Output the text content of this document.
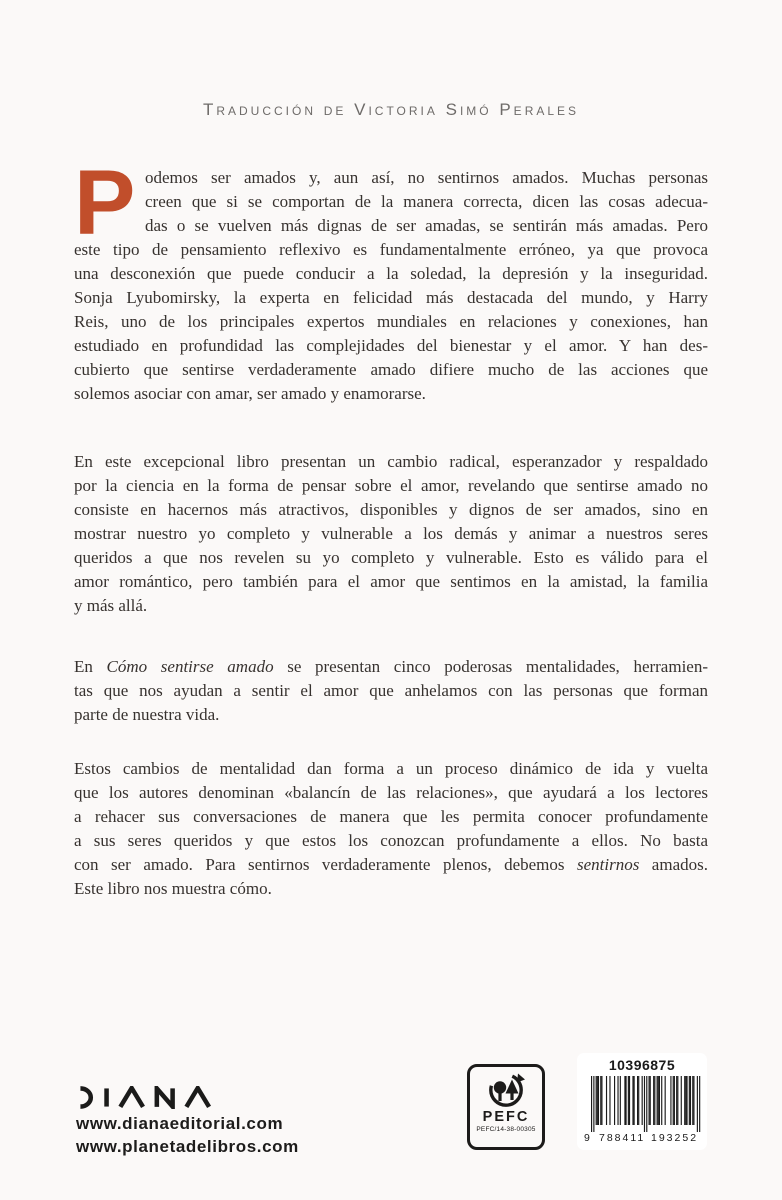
Traducción de Victoria Simó Perales
P odemos ser amados y, aun así, no sentirnos amados. Muchas personas
creen que si se comportan de la manera correcta, dicen las cosas adecua-
das o se vuelven más dignas de ser amadas, se sentirán más amadas. Pero
este tipo de pensamiento reflexivo es fundamentalmente erróneo, ya que provoca
una desconexión que puede conducir a la soledad, la depresión y la inseguridad.
Sonja Lyubomirsky, la experta en felicidad más destacada del mundo, y Harry
Reis, uno de los principales expertos mundiales en relaciones y conexiones, han
estudiado en profundidad las complejidades del bienestar y el amor. Y han des-
cubierto que sentirse verdaderamente amado difiere mucho de las acciones que
solemos asociar con amar, ser amado y enamorarse.
En este excepcional libro presentan un cambio radical, esperanzador y respaldado
por la ciencia en la forma de pensar sobre el amor, revelando que sentirse amado no
consiste en hacernos más atractivos, disponibles y dignos de ser amados, sino en
mostrar nuestro yo completo y vulnerable a los demás y animar a nuestros seres
queridos a que nos revelen su yo completo y vulnerable. Esto es válido para el
amor romántico, pero también para el amor que sentimos en la amistad, la familia
y más allá.
En Cómo sentirse amado se presentan cinco poderosas mentalidades, herramien-
tas que nos ayudan a sentir el amor que anhelamos con las personas que forman
parte de nuestra vida.
Estos cambios de mentalidad dan forma a un proceso dinámico de ida y vuelta
que los autores denominan «balancín de las relaciones», que ayudará a los lectores
a rehacer sus conversaciones de manera que les permita conocer profundamente
a sus seres queridos y que estos los conozcan profundamente a ellos. No basta
con ser amado. Para sentirnos verdaderamente plenos, debemos sentirnos amados.
Este libro nos muestra cómo.
www.dianaeditorial.com
www.planetadelibros.com
PEFC
PEFC/14-38-00305
10396875
9 788411 193252
